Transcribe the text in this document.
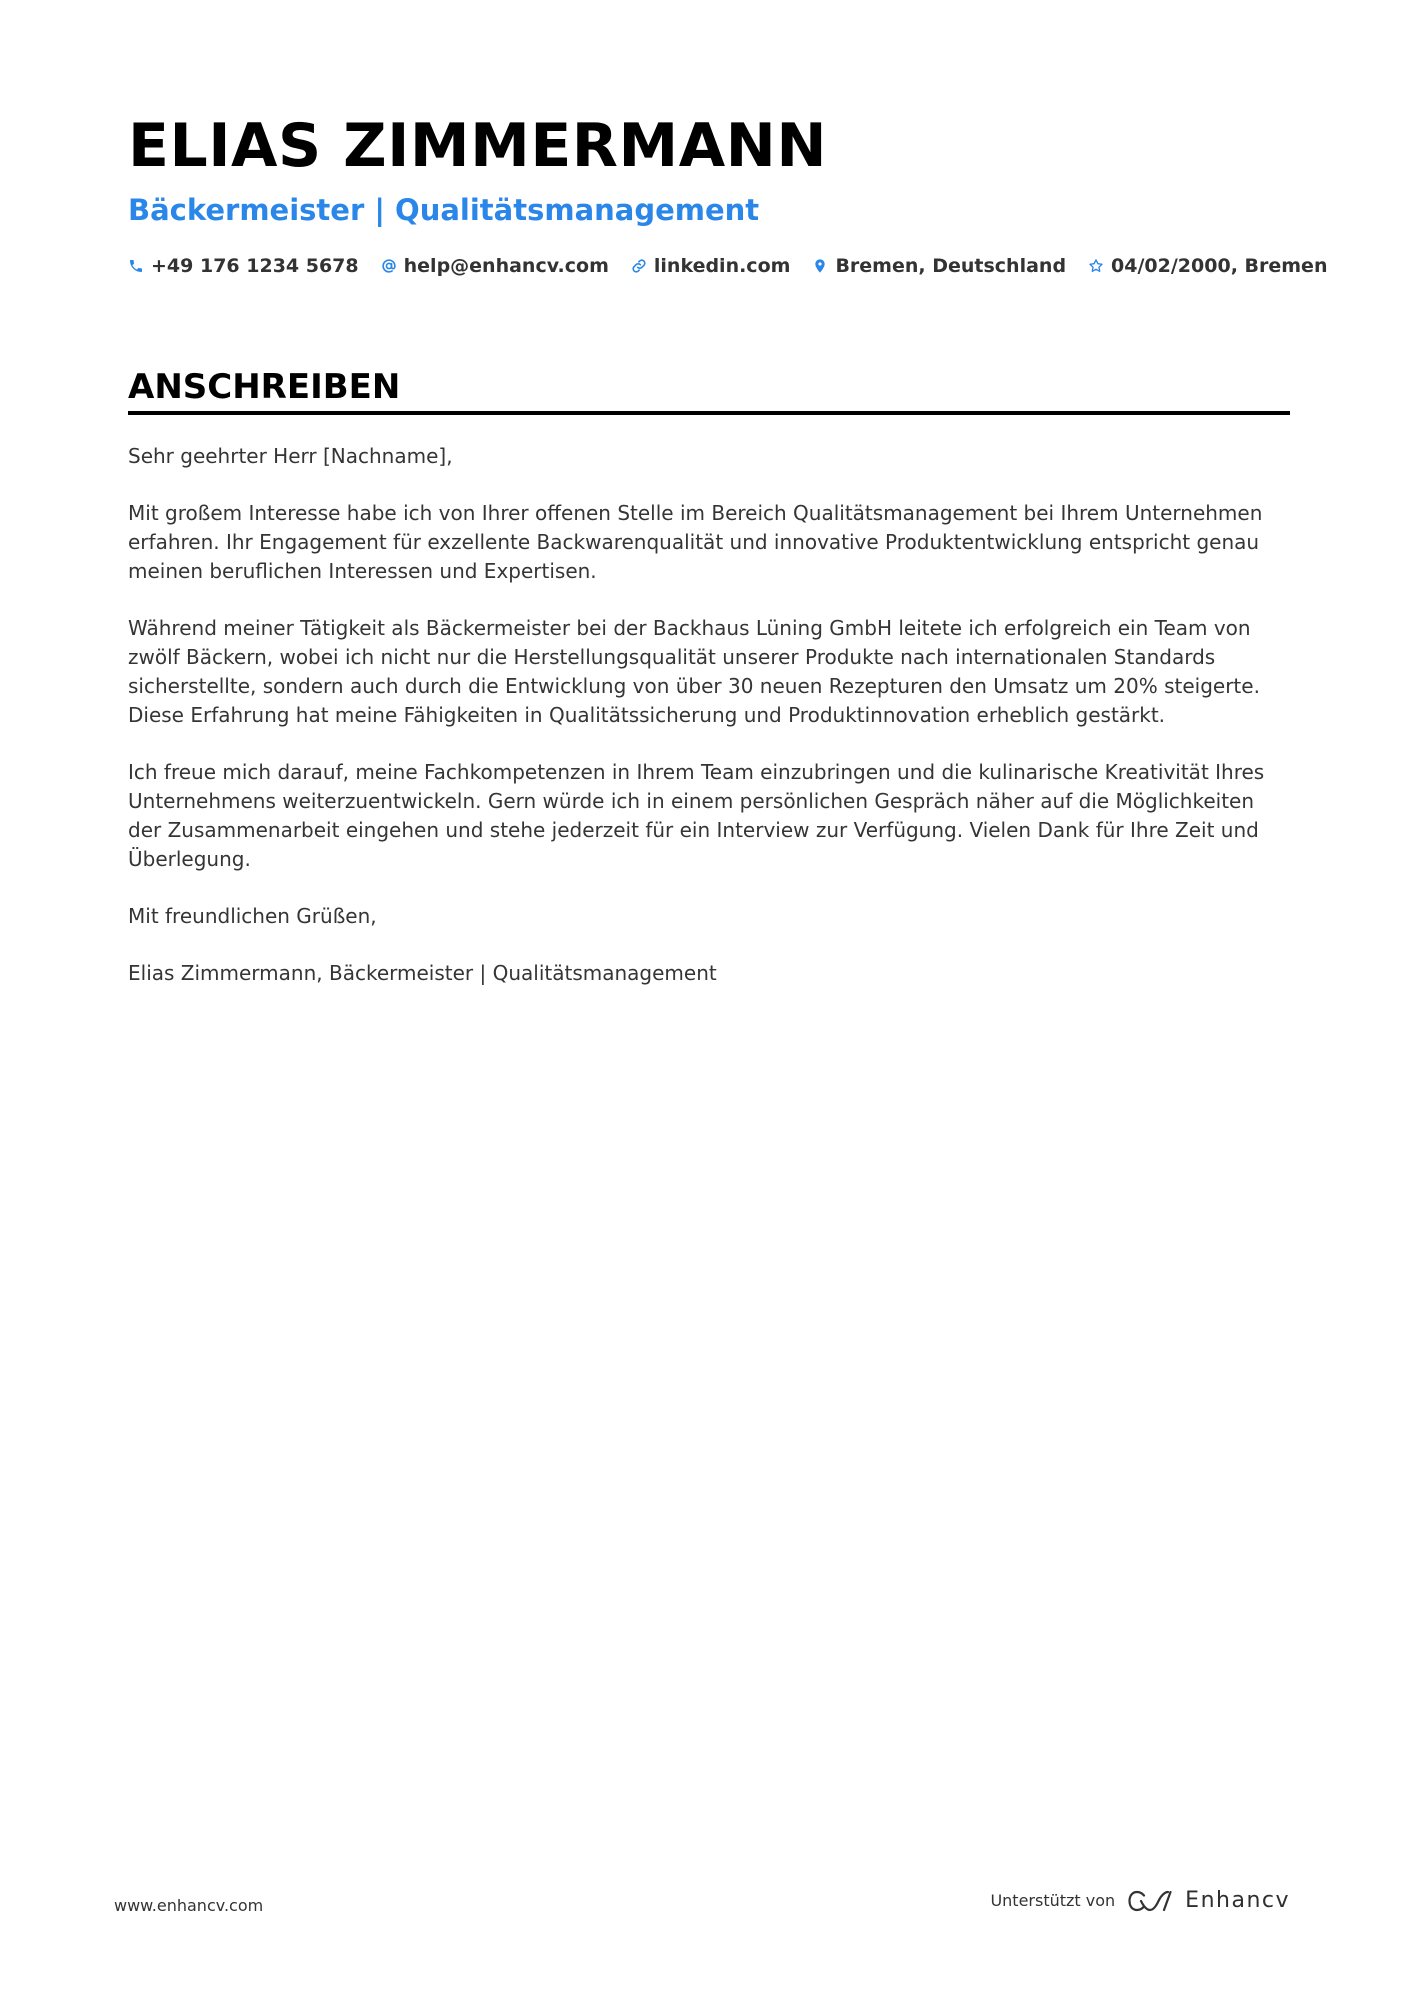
ELIAS ZIMMERMANN
Bäckermeister | Qualitätsmanagement
+49 176 1234 5678 help@enhancv.com linkedin.com Bremen, Deutschland 04/02/2000, Bremen
ANSCHREIBEN

Sehr geehrter Herr [Nachname],

Mit großem Interesse habe ich von Ihrer offenen Stelle im Bereich Qualitätsmanagement bei Ihrem Unternehmen erfahren. Ihr Engagement für exzellente Backwarenqualität und innovative Produktentwicklung entspricht genau meinen beruflichen Interessen und Expertisen.

Während meiner Tätigkeit als Bäckermeister bei der Backhaus Lüning GmbH leitete ich erfolgreich ein Team von zwölf Bäckern, wobei ich nicht nur die Herstellungsqualität unserer Produkte nach internationalen Standards sicherstellte, sondern auch durch die Entwicklung von über 30 neuen Rezepturen den Umsatz um 20% steigerte. Diese Erfahrung hat meine Fähigkeiten in Qualitätssicherung und Produktinnovation erheblich gestärkt.

Ich freue mich darauf, meine Fachkompetenzen in Ihrem Team einzubringen und die kulinarische Kreativität Ihres Unternehmens weiterzuentwickeln. Gern würde ich in einem persönlichen Gespräch näher auf die Möglichkeiten der Zusammenarbeit eingehen und stehe jederzeit für ein Interview zur Verfügung. Vielen Dank für Ihre Zeit und Überlegung.

Mit freundlichen Grüßen,

Elias Zimmermann, Bäckermeister | Qualitätsmanagement

www.enhancv.com	Unterstützt von	Enhancv
